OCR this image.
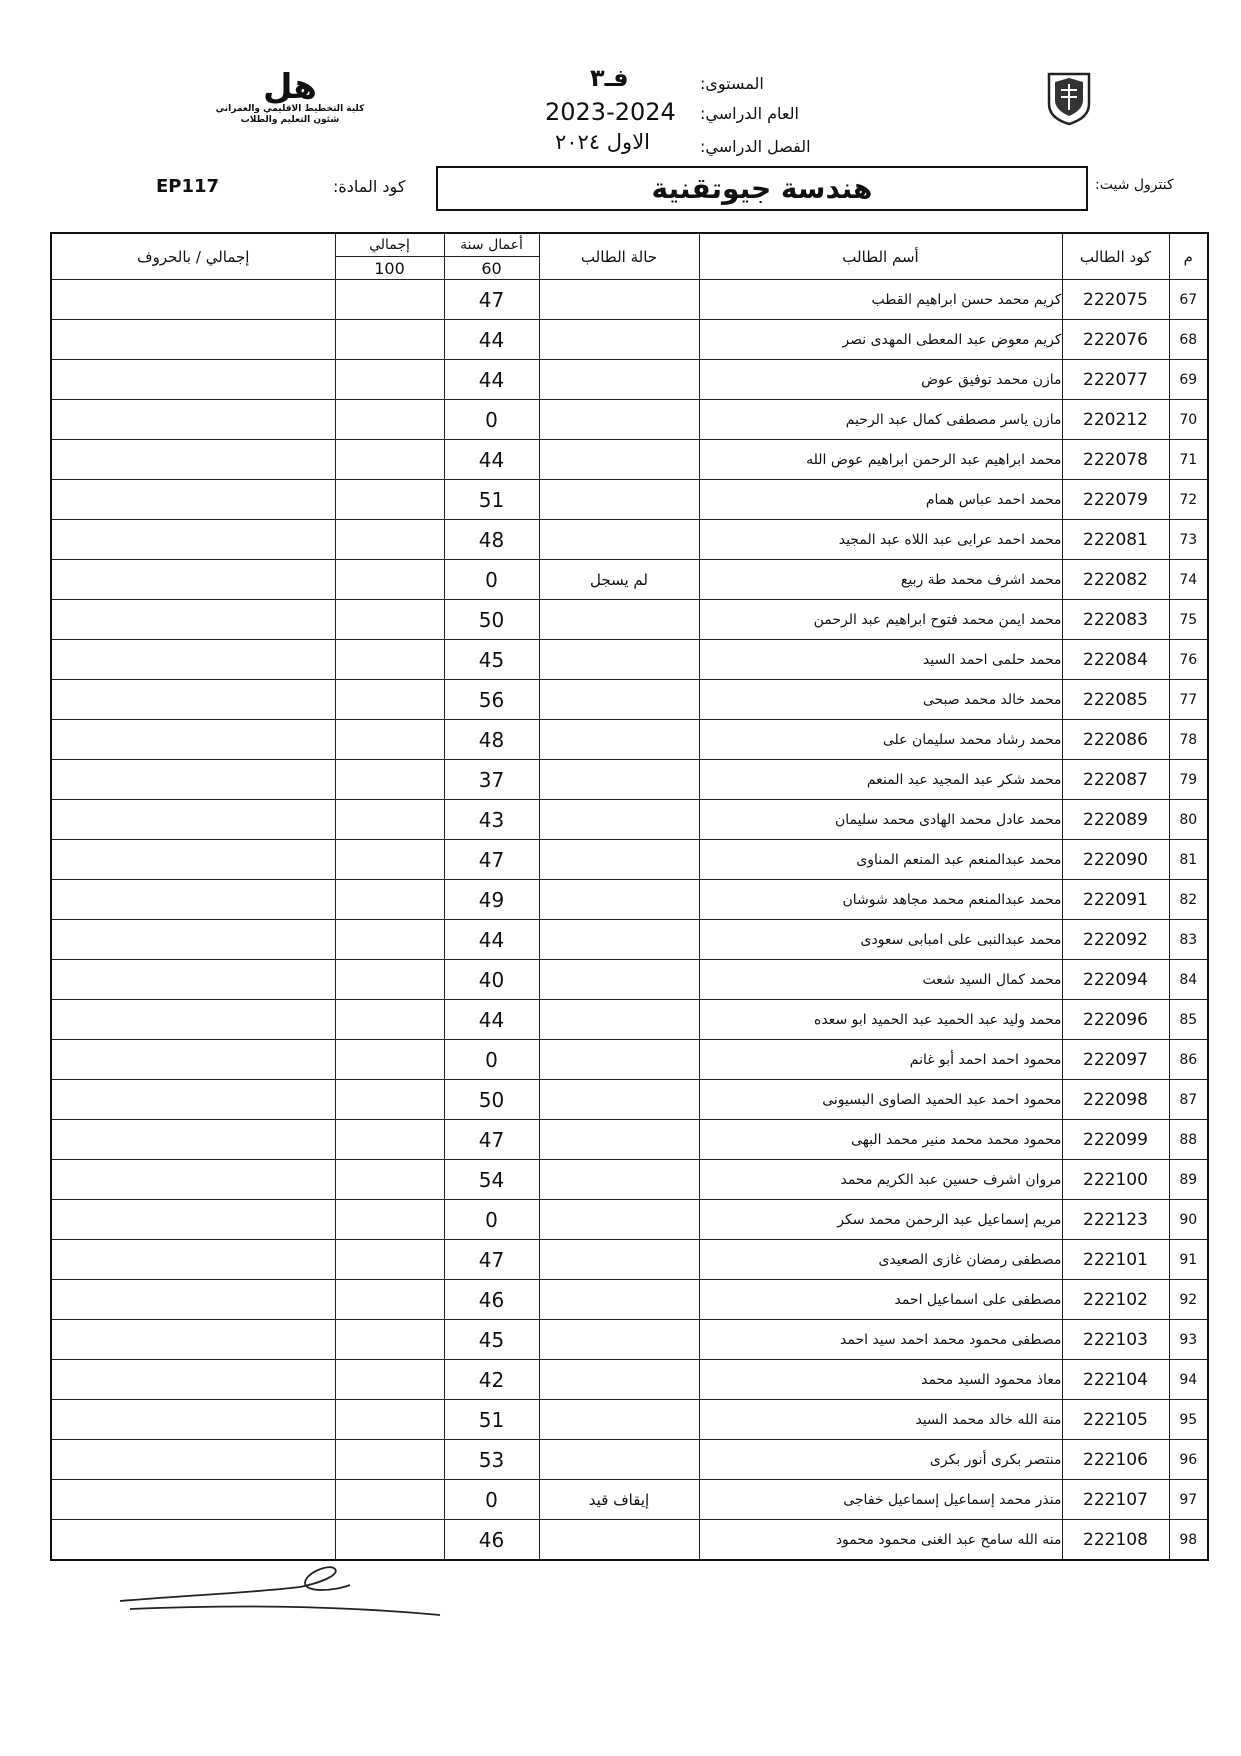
هل
كلية التخطيط الاقليمي والعمراني
شئون التعليم والطلاب
المستوى:
فـ٣
العام الدراسي:
2023-2024
الفصل الدراسي:
الاول ٢٠٢٤
كنترول شيت:
هندسة جيوتقنية
كود المادة:
EP117
إجمالي / بالحروف	إجمالي	أعمال سنة	حالة الطالب	أسم الطالب	كود الطالب	م
	100	60				
		47		كريم محمد حسن ابراهيم القطب	222075	67
		44		كريم معوض عبد المعطى المهدى نصر	222076	68
		44		مازن محمد توفيق عوض	222077	69
		0		مازن ياسر مصطفى كمال عبد الرحيم	220212	70
		44		محمد ابراهيم عبد الرحمن ابراهيم عوض الله	222078	71
		51		محمد احمد عباس همام	222079	72
		48		محمد احمد عرابى عبد اللاه عبد المجيد	222081	73
		0	لم يسجل	محمد اشرف محمد طة ربيع	222082	74
		50		محمد ايمن محمد فتوح ابراهيم عبد الرحمن	222083	75
		45		محمد حلمى احمد السيد	222084	76
		56		محمد خالد محمد صبحى	222085	77
		48		محمد رشاد محمد سليمان على	222086	78
		37		محمد شكر عبد المجيد عبد المنعم	222087	79
		43		محمد عادل محمد الهادى محمد سليمان	222089	80
		47		محمد عبدالمنعم عبد المنعم المناوى	222090	81
		49		محمد عبدالمنعم محمد مجاهد شوشان	222091	82
		44		محمد عبدالنبى على امبابى سعودى	222092	83
		40		محمد كمال السيد شعت	222094	84
		44		محمد وليد عبد الحميد عبد الحميد ابو سعده	222096	85
		0		محمود احمد احمد أبو غانم	222097	86
		50		محمود احمد عبد الحميد الصاوى البسيونى	222098	87
		47		محمود محمد محمد منير محمد البهى	222099	88
		54		مروان اشرف حسين عبد الكريم محمد	222100	89
		0		مريم إسماعيل عبد الرحمن محمد سكر	222123	90
		47		مصطفى رمضان غازى الصعيدى	222101	91
		46		مصطفى على اسماعيل احمد	222102	92
		45		مصطفى محمود محمد احمد سيد احمد	222103	93
		42		معاذ محمود السيد محمد	222104	94
		51		منة الله خالد محمد السيد	222105	95
		53		منتصر بكرى أنور بكرى	222106	96
		0	إيقاف قيد	منذر محمد إسماعيل إسماعيل خفاجى	222107	97
		46		منه الله سامح عبد الغنى محمود محمود	222108	98
